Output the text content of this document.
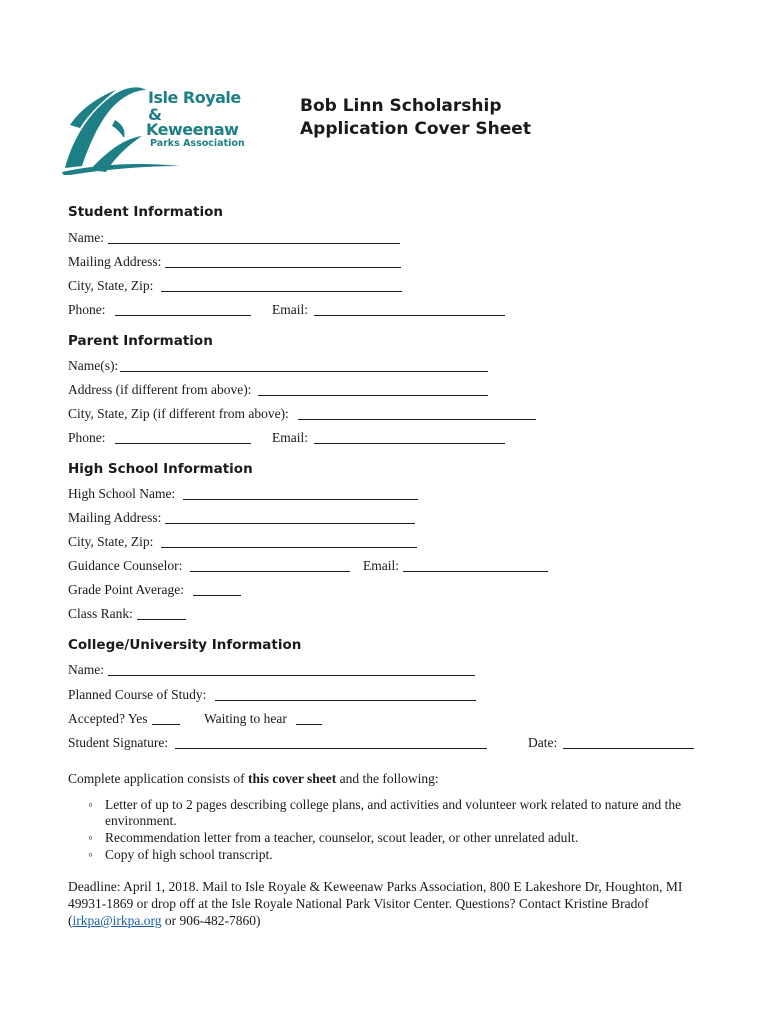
Isle Royale
&
Keweenaw
Parks Association
Bob Linn Scholarship
Application Cover Sheet
Student Information
Name:
Mailing Address:
City, State, Zip:
Phone:	Email:
Parent Information
Name(s):
Address (if different from above):
City, State, Zip (if different from above):
Phone:	Email:
High School Information
High School Name:
Mailing Address:
City, State, Zip:
Guidance Counselor:	Email:
Grade Point Average:
Class Rank:
College/University Information
Name:
Planned Course of Study:
Accepted? Yes	Waiting to hear
Student Signature:	Date:
Complete application consists of this cover sheet and the following:
◦ Letter of up to 2 pages describing college plans, and activities and volunteer work related to nature and the
environment.
◦ Recommendation letter from a teacher, counselor, scout leader, or other unrelated adult.
◦ Copy of high school transcript.
Deadline: April 1, 2018. Mail to Isle Royale & Keweenaw Parks Association, 800 E Lakeshore Dr, Houghton, MI
49931-1869 or drop off at the Isle Royale National Park Visitor Center. Questions? Contact Kristine Bradof
(irkpa@irkpa.org or 906-482-7860)
